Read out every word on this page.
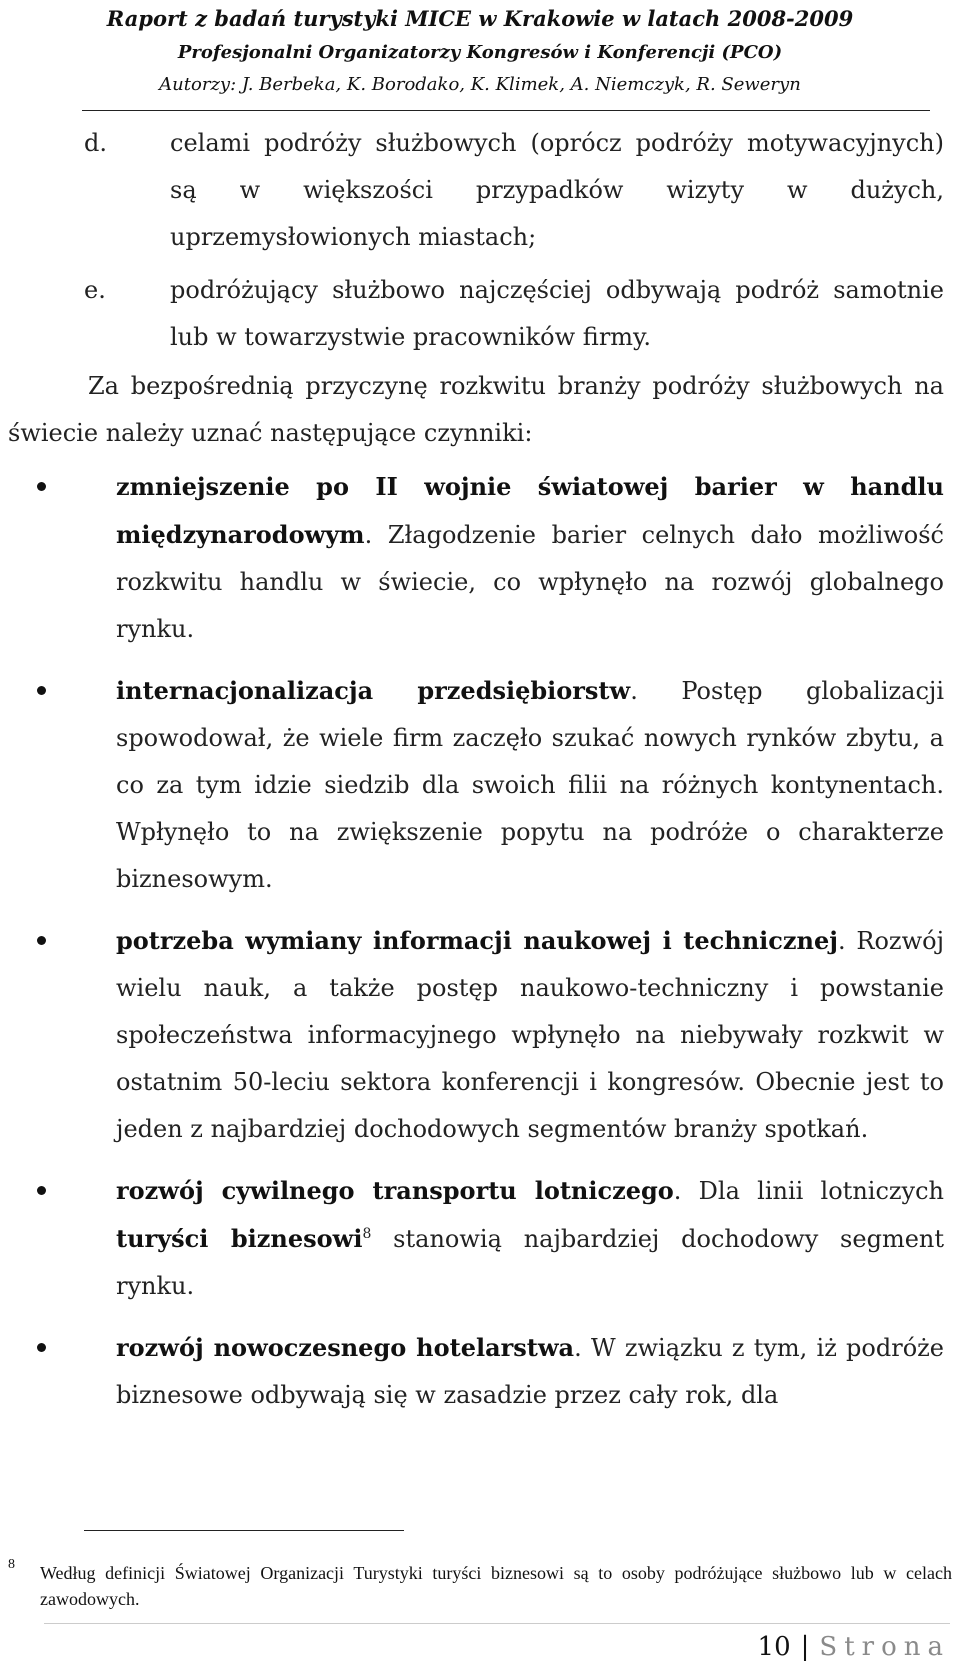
Raport z badań turystyki MICE w Krakowie w latach 2008-2009
Profesjonalni Organizatorzy Kongresów i Konferencji (PCO)
Autorzy: J. Berbeka, K. Borodako, K. Klimek, A. Niemczyk, R. Seweryn
d.	celami podróży służbowych (oprócz podróży motywacyjnych) są w większości przypadków wizyty w dużych, uprzemysłowionych miastach;
e.	podróżujący służbowo najczęściej odbywają podróż samotnie lub w towarzystwie pracowników firmy.
Za bezpośrednią przyczynę rozkwitu branży podróży służbowych na świecie należy uznać następujące czynniki:
zmniejszenie po II wojnie światowej barier w handlu międzynarodowym. Złagodzenie barier celnych dało możliwość rozkwitu handlu w świecie, co wpłynęło na rozwój globalnego rynku.
internacjonalizacja przedsiębiorstw. Postęp globalizacji spowodował, że wiele firm zaczęło szukać nowych rynków zbytu, a co za tym idzie siedzib dla swoich filii na różnych kontynentach. Wpłynęło to na zwiększenie popytu na podróże o charakterze biznesowym.
potrzeba wymiany informacji naukowej i technicznej. Rozwój wielu nauk, a także postęp naukowo-techniczny i powstanie społeczeństwa informacyjnego wpłynęło na niebywały rozkwit w ostatnim 50-leciu sektora konferencji i kongresów. Obecnie jest to jeden z najbardziej dochodowych segmentów branży spotkań.
rozwój cywilnego transportu lotniczego. Dla linii lotniczych turyści biznesowi$^8$ stanowią najbardziej dochodowy segment rynku.
rozwój nowoczesnego hotelarstwa. W związku z tym, iż podróże biznesowe odbywają się w zasadzie przez cały rok, dla
8	Według definicji Światowej Organizacji Turystyki turyści biznesowi są to osoby podróżujące służbowo lub w celach zawodowych.
10 | Strona
